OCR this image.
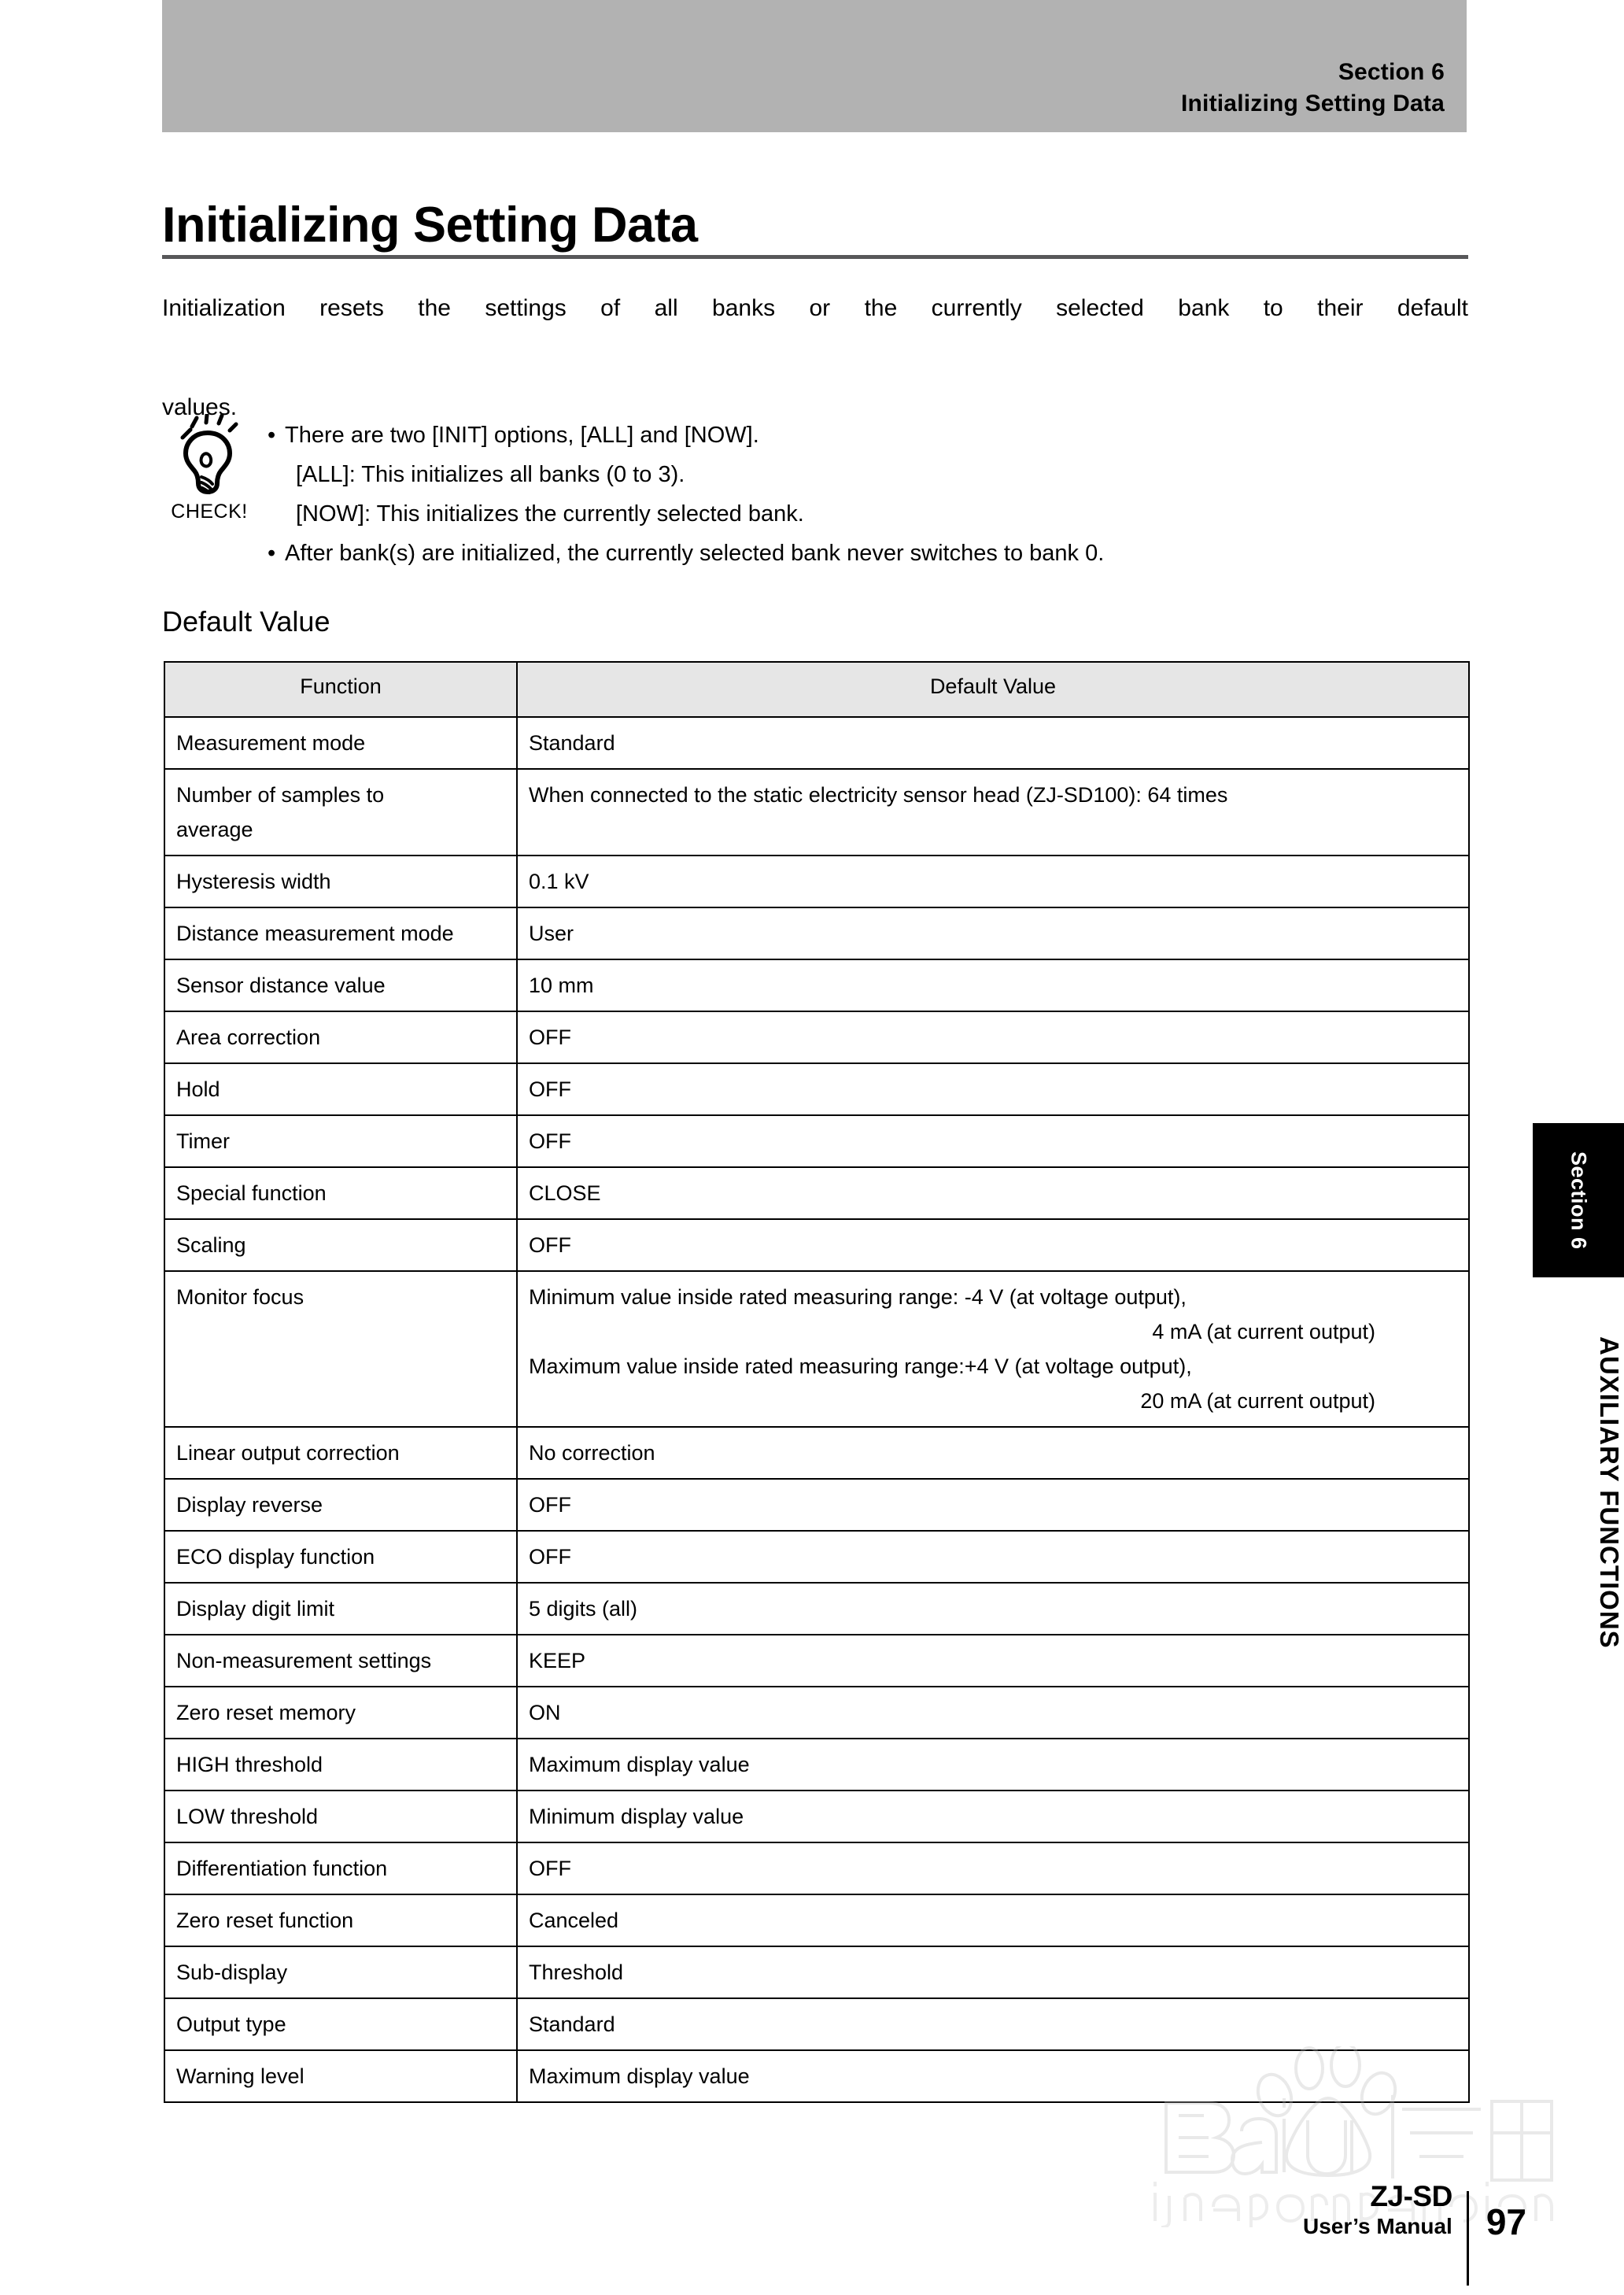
Section 6
Initializing Setting Data
Initializing Setting Data
Initialization resets the settings of all banks or the currently selected bank to their default
values.
CHECK!
• There are two [INIT] options, [ALL] and [NOW].
[ALL]: This initializes all banks (0 to 3).
[NOW]: This initializes the currently selected bank.
• After bank(s) are initialized, the currently selected bank never switches to bank 0.
Default Value
Function	Default Value
Measurement mode	Standard

Number of samples to
average	When connected to the static electricity sensor head (ZJ-SD100): 64 times
Hysteresis width	0.1 kV
Distance measurement mode	User
Sensor distance value	10 mm
Area correction	OFF
Hold	OFF
Timer	OFF
Special function	CLOSE
Scaling	OFF
Monitor focus	Minimum value inside rated measuring range: -4 V (at voltage output),
4 mA (at current output)
Maximum value inside rated measuring range:+4 V (at voltage output),
20 mA (at current output)

Linear output correction	No correction
Display reverse	OFF
ECO display function	OFF
Display digit limit	5 digits (all)
Non-measurement settings	KEEP
Zero reset memory	ON
HIGH threshold	Maximum display value
LOW threshold	Minimum display value
Differentiation function	OFF
Zero reset function	Canceled
Sub-display	Threshold
Output type	Standard
Warning level	Maximum display value
Section 6
AUXILIARY FUNCTIONS
ZJ-SD
User’s Manual 97
